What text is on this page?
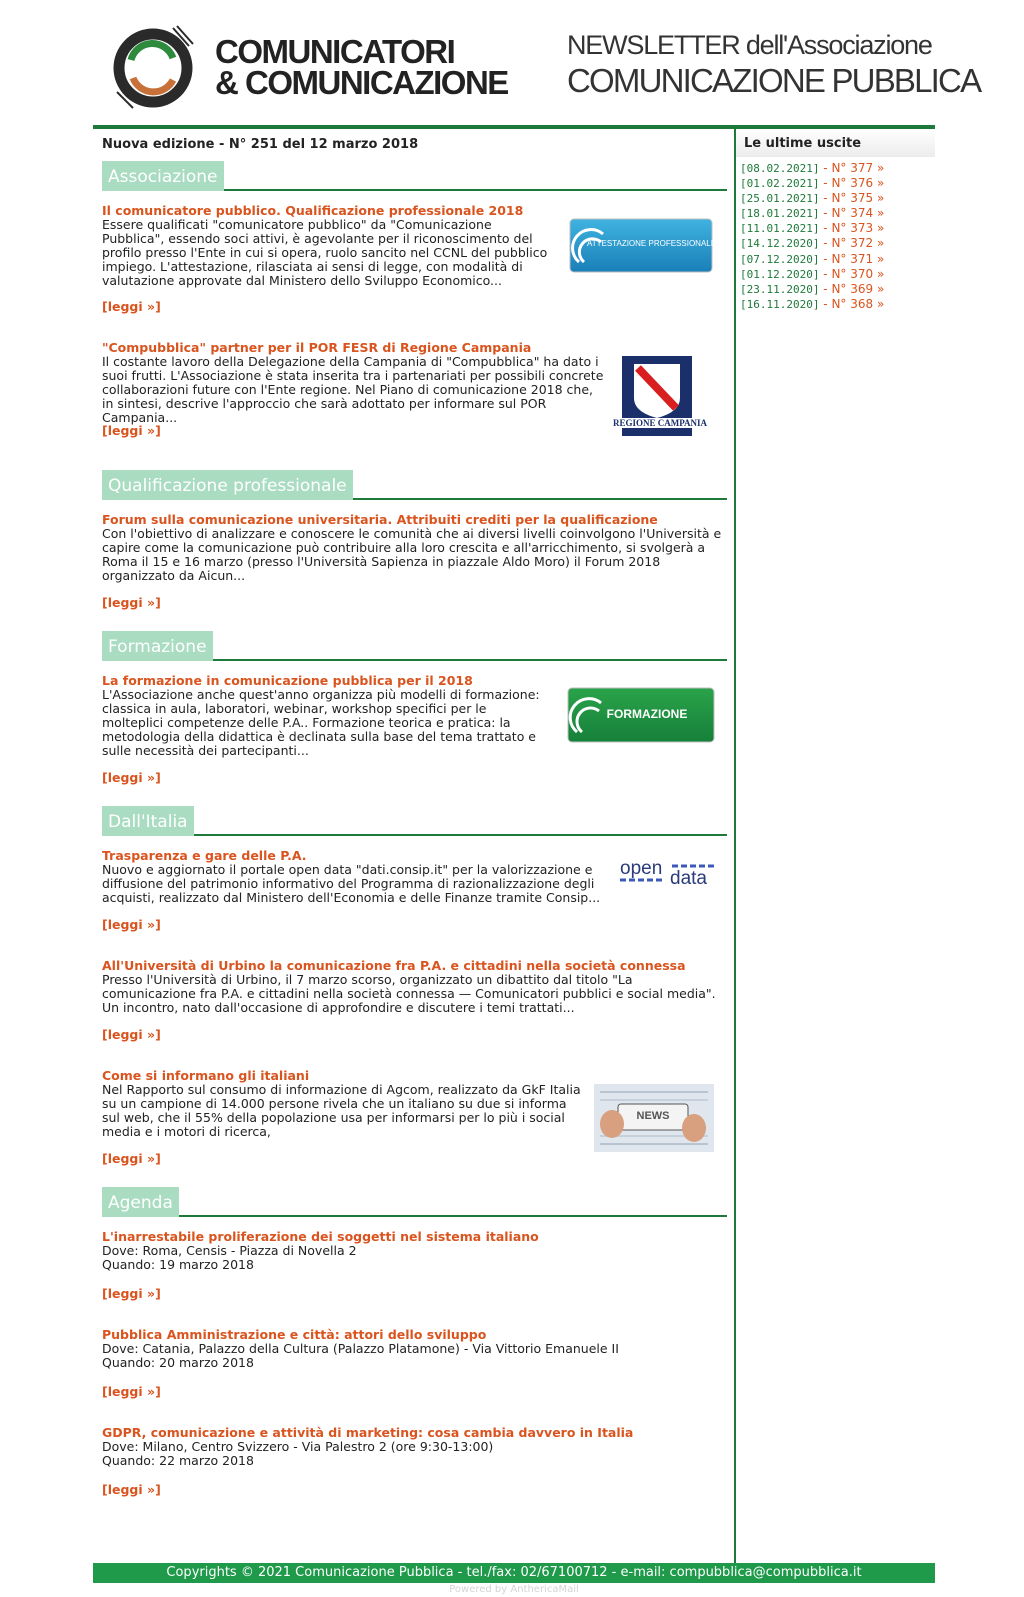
COMUNICATORI
& COMUNICAZIONE
NEWSLETTER dell'Associazione
COMUNICAZIONE PUBBLICA
Nuova edizione - N° 251 del 12 marzo 2018
Associazione
Il comunicatore pubblico. Qualificazione professionale 2018

Essere qualificati "comunicatore pubblico" da "Comunicazione Pubblica", essendo soci attivi, è agevolante per il riconoscimento del profilo presso l'Ente in cui si opera, ruolo sancito nel CCNL del pubblico impiego. L'attestazione, rilasciata ai sensi di legge, con modalità di valutazione approvate dal Ministero dello Sviluppo Economico...

ATTESTAZIONE PROFESSIONALE
[leggi »]
"Compubblica" partner per il POR FESR di Regione Campania

Il costante lavoro della Delegazione della Campania di "Compubblica" ha dato i suoi frutti. L'Associazione è stata inserita tra i partenariati per possibili concrete collaborazioni future con l'Ente regione. Nel Piano di comunicazione 2018 che, in sintesi, descrive l'approccio che sarà adottato per informare sul POR Campania...	REGIONE CAMPANIA
[leggi »]
Qualificazione professionale
Forum sulla comunicazione universitaria. Attribuiti crediti per la qualificazione

Con l'obiettivo di analizzare e conoscere le comunità che ai diversi livelli coinvolgono l'Università e capire come la comunicazione può contribuire alla loro crescita e all'arricchimento, si svolgerà a Roma il 15 e 16 marzo (presso l'Università Sapienza in piazzale Aldo Moro) il Forum 2018 organizzato da Aicun...

[leggi »]
Formazione
La formazione in comunicazione pubblica per il 2018

L'Associazione anche quest'anno organizza più modelli di formazione: classica in aula, laboratori, webinar, workshop specifici per le molteplici competenze delle P.A.. Formazione teorica e pratica: la metodologia della didattica è declinata sulla base del tema trattato e sulle necessità dei partecipanti...

FORMAZIONE
[leggi »]
Dall'Italia
Trasparenza e gare delle P.A.

Nuovo e aggiornato il portale open data "dati.consip.it" per la valorizzazione e diffusione del patrimonio informativo del Programma di razionalizzazione degli acquisti, realizzato dal Ministero dell'Economia e delle Finanze tramite Consip...

open data
[leggi »]
All'Università di Urbino la comunicazione fra P.A. e cittadini nella società connessa

Presso l'Università di Urbino, il 7 marzo scorso, organizzato un dibattito dal titolo "La comunicazione fra P.A. e cittadini nella società connessa — Comunicatori pubblici e social media". Un incontro, nato dall'occasione di approfondire e discutere i temi trattati...

[leggi »]
Come si informano gli italiani

Nel Rapporto sul consumo di informazione di Agcom, realizzato da GkF Italia su un campione di 14.000 persone rivela che un italiano su due si informa sul web, che il 55% della popolazione usa per informarsi per lo più i social media e i motori di ricerca,

NEWS
[leggi »]
Agenda
L'inarrestabile proliferazione dei soggetti nel sistema italiano
Dove: Roma, Censis - Piazza di Novella 2
Quando: 19 marzo 2018
[leggi »]
Pubblica Amministrazione e città: attori dello sviluppo
Dove: Catania, Palazzo della Cultura (Palazzo Platamone) - Via Vittorio Emanuele II
Quando: 20 marzo 2018
[leggi »]
GDPR, comunicazione e attività di marketing: cosa cambia davvero in Italia
Dove: Milano, Centro Svizzero - Via Palestro 2 (ore 9:30-13:00)
Quando: 22 marzo 2018
[leggi »]
Le ultime uscite
[08.02.2021] - N° 377 »
[01.02.2021] - N° 376 »
[25.01.2021] - N° 375 »
[18.01.2021] - N° 374 »
[11.01.2021] - N° 373 »
[14.12.2020] - N° 372 »
[07.12.2020] - N° 371 »
[01.12.2020] - N° 370 »
[23.11.2020] - N° 369 »
[16.11.2020] - N° 368 »
Copyrights © 2021 Comunicazione Pubblica - tel./fax: 02/67100712 - e-mail: compubblica@compubblica.it
Powered by AnthericaMail
